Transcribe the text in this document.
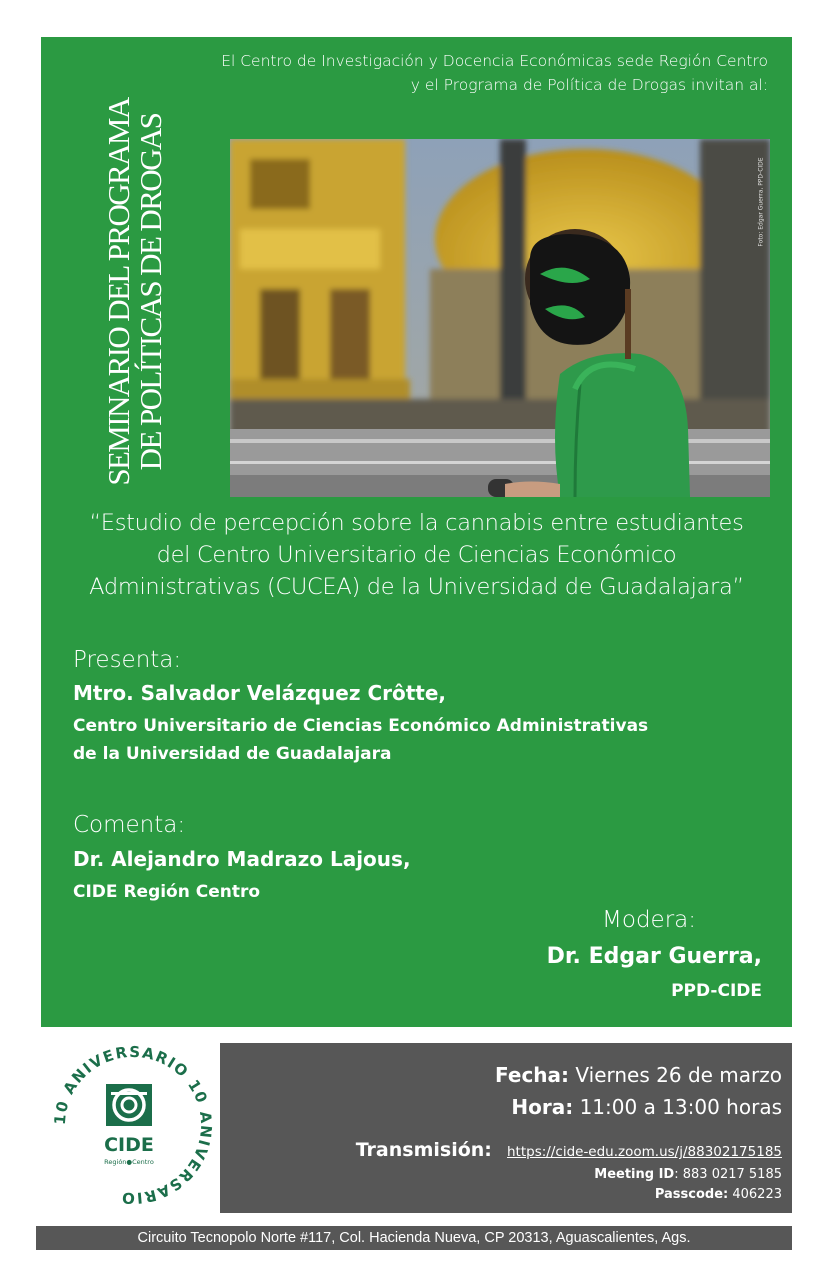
El Centro de Investigación y Docencia Económicas sede Región Centro
y el Programa de Política de Drogas invitan al:
SEMINARIO DEL PROGRAMA
DE POLÍTICAS DE DROGAS	Foto: Edgar Guerra, PPD-CIDE
“Estudio de percepción sobre la cannabis entre estudiantes
del Centro Universitario de Ciencias Económico
Administrativas (CUCEA) de la Universidad de Guadalajara”
Presenta:
Mtro. Salvador Velázquez Crôtte,
Centro Universitario de Ciencias Económico Administrativas
de la Universidad de Guadalajara
Comenta:
Dr. Alejandro Madrazo Lajous,
CIDE Región Centro
Modera:
Dr. Edgar Guerra,
PPD-CIDE
10 ANIVERSARIO 10 ANIVERSARIO
CIDE
Región●Centro
Fecha: Viernes 26 de marzo
Hora: 11:00 a 13:00 horas
Transmisión: https://cide-edu.zoom.us/j/88302175185
Meeting ID: 883 0217 5185
Passcode: 406223
Circuito Tecnopolo Norte #117, Col. Hacienda Nueva, CP 20313, Aguascalientes, Ags.
